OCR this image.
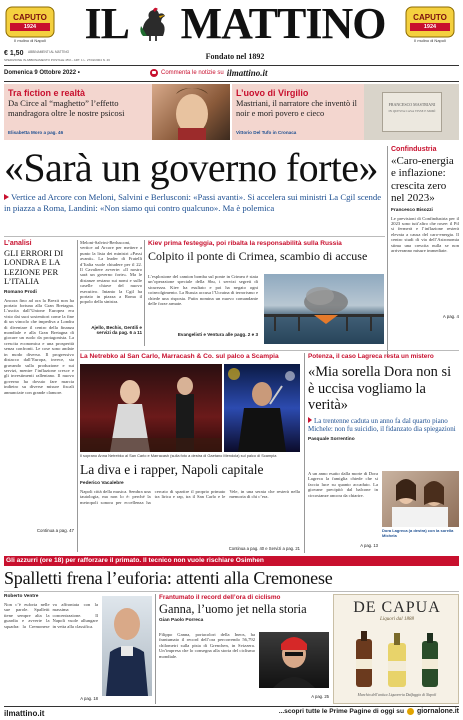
CAPUTO
1924
Il mulino di Napoli IL MATTINO	CAPUTO
1924
Il mulino di Napoli
€ 1,50 ABBINAMENTI AL MATTINO
SPEDIZIONE IN ABBONAMENTO POSTALE 45% - ART. 1 L. 27/02/2004 N. 46	Fondato nel 1892
Domenica 9 Ottobre 2022 •	Commenta le notizie su ilmattino.it
Tra fiction e realtà
Da Circe al “maghetto” l’effetto mandragora oltre le nostre psicosi
Elisabetta Moro a pag. 46
L’uovo di Virgilio
Mastriani, il narratore che inventò il noir e morì povero e cieco
Vittorio Del Tufo in Cronaca
FRANCESCO MASTRIANI
IN QUESTA CASA VISSE E MORÌ
«Sarà un governo forte»
Vertice ad Arcore con Meloni, Salvini e Berlusconi: «Passi avanti». Si accelera sui ministri La Cgil scende in piazza a Roma, Landini: «Non siamo qui contro qualcuno». Ma è polemica
Confindustria
«Caro-energia e inflazione: crescita zero nel 2023»
Francesco Bisozzi
Le previsioni di Confindustria per il 2023 sono tutt’altro che rosee: il Pil si fermerà e l’inflazione resterà elevata a causa del caro-energia. Il centro studi di via dell’Astronomia stima una crescita nulla se non arriveranno misure immediate.
A pag. 4
L’analisi
GLI ERRORI DI LONDRA E LA LEZIONE PER L’ITALIA
Romano Prodi
Ancora fino ad ora la Brexit non ha portato fortuna alla Gran Bretagna. L’uscita dall’Unione Europea era visto dai suoi sostenitori come la fine di un vincolo che impediva a Londra di diventare il centro della finanza mondiale e alla Gran Bretagna di giocare un ruolo da protagonista. La crescita economica e una prosperità senza confronti. Le cose sono andate in modo diverso. Il progressivo distacco dall’Europa, invece, sta gravando sulla produzione e sui servizi, mentre l’inflazione cresce e gli investimenti rallentano. Il nuovo governo ha dovuto fare marcia indietro su diverse misure fiscali annunciate con grande clamore.
Continua a pag. 47
Meloni-Salvini-Berlusconi, vertice ad Arcore per mettere a punto la lista dei ministri «Passi avanti». La leader di Fratelli d’Italia vuole chiudere per il 22. Il Cavaliere avverte: «Il nostro sarà un governo forte». Ma le distanze restano sui nomi e sulle caselle chiave del nuovo esecutivo. Intanto la Cgil ha portato in piazza a Roma il popolo della sinistra.
Ajello, Bechis, Gentili e servizi da pag. 6 a 11
Kiev prima festeggia, poi ribalta la responsabilità sulla Russia
Colpito il ponte di Crimea, scambio di accuse
L’esplosione del camion bomba sul ponte in Crimea è stata un’operazione speciale della Sbu, i servizi segreti di sicurezza. Kiev ha esultato e poi ha negato ogni coinvolgimento. La Russia accusa l’Ucraina di terrorismo e chiede una risposta. Putin nomina un nuovo comandante delle forze armate.
Evangelisti e Ventura alle pagg. 2 e 3
La Netrebko al San Carlo, Marracash & Co. sul palco a Scampia
Il soprano Anna Netrebko al San Carlo e Marracash (sulla foto a destra di Gaetano Mendola) sul palco di Scampia
La diva e i rapper, Napoli capitale
Federico Vacalebre
Napoli città della musica. Sembra una tautologia, ma non lo è: perché la metropoli sonora per eccellenza ha cercato di spartire il proprio primato tra lirica e rap, tra il San Carlo e le Vele, in una serata che resterà nella memoria di chi c’era.
Continua a pag. 40 e Servizi a pag. 21
Potenza, il caso Lagreca resta un mistero
«Mia sorella Dora non si è uccisa vogliamo la verità»
La trentenne caduta un anno fa dal quarto piano Michele: non fu suicidio, il fidanzato dia spiegazioni
Pasquale Sorrentino
A un anno esatto dalla morte di Dora Lagreca la famiglia chiede che si faccia luce su quanto accaduto. La giovane precipitò dal balcone in circostanze ancora da chiarire.
Dora Lagreca (a destra) con la sorella Michela
A pag. 13
Gli azzurri (ore 18) per rafforzare il primato. Il tecnico non vuole rischiare Osimhen
Spalletti frena l’euforia: attenti alla Cremonese
Roberto Ventre
Non c’è euforia nelle sue parole. Spalletti tiene sempre alta la guardia e avverte la squadra: la Cremonese va affrontata con la massima concentrazione. Il Napoli vuole allungare in vetta alla classifica.
A pag. 18
Frantumato il record dell’ora di ciclismo
Ganna, l’uomo jet nella storia
Gian Paolo Porreca
Filippo Ganna, portacolori della Ineos, ha frantumato il record dell’ora percorrendo 56,792 chilometri sulla pista di Grenchen, in Svizzera. Un’impresa che lo consegna alla storia del ciclismo mondiale.
A pag. 25
DE CAPUA
Liquori dal 1888
Marchio dell'antica Liquoreria Dalfaggio di Napoli
ilmattino.it	...scopri tutte le Prime Pagine di oggi su giornalone.it
